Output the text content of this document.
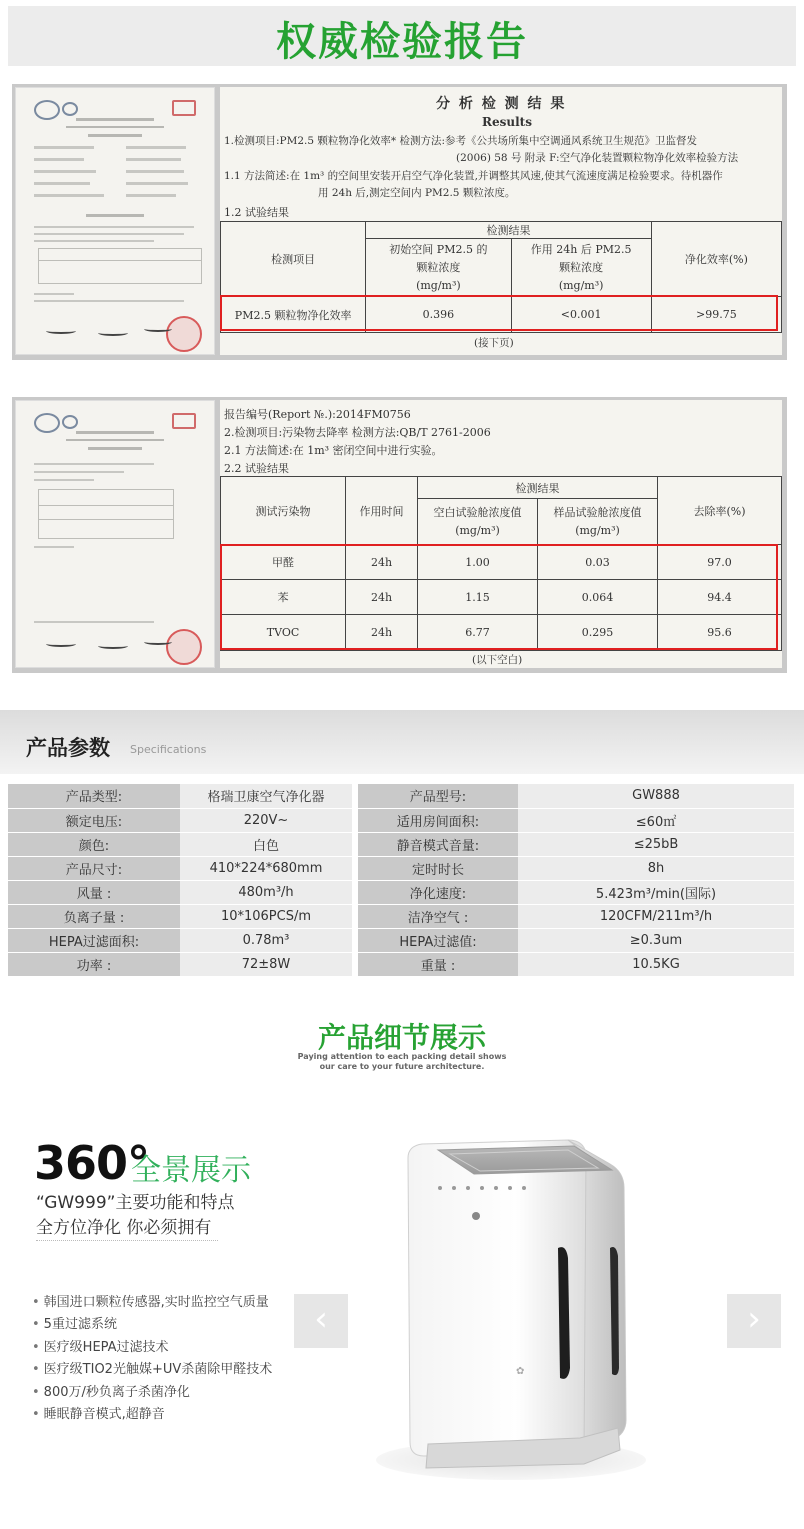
权威检验报告
分 析 检 测 结 果
Results
1.检测项目:PM2.5 颗粒物净化效率* 检测方法:参考《公共场所集中空调通风系统卫生规范》卫监督发
(2006) 58 号 附录 F:空气净化装置颗粒物净化效率检验方法
1.1 方法简述:在 1m³ 的空间里安装开启空气净化装置,并调整其风速,使其气流速度满足检验要求。待机器作
用 24h 后,测定空间内 PM2.5 颗粒浓度。
1.2 试验结果
检测项目	检测结果		净化效率(%)
	初始空间 PM2.5 的
颗粒浓度
(mg/m³)	作用 24h 后 PM2.5
颗粒浓度
(mg/m³)	
PM2.5 颗粒物净化效率	0.396	<0.001	>99.75
(接下页)
报告编号(Report №.):2014FM0756
2.检测项目:污染物去降率 检测方法:QB/T 2761-2006
2.1 方法简述:在 1m³ 密闭空间中进行实验。
2.2 试验结果
测试污染物	作用时间	检测结果		去除率(%)
		空白试验舱浓度值
(mg/m³)	样品试验舱浓度值
(mg/m³)	
甲醛	24h	1.00	0.03	97.0
苯	24h	1.15	0.064	94.4
TVOC	24h	6.77	0.295	95.6
(以下空白)
产品参数 Specifications
产品类型:	格瑞卫康空气净化器		产品型号:	GW888
额定电压:	220V~		适用房间面积:	≤60㎡
颜色:	白色		静音模式音量:	≤25bB
产品尺寸:	410*224*680mm		定时时长	8h
风量 :	480m³/h		净化速度:	5.423m³/min(国际)
负离子量 :	10*106PCS/m		洁净空气 :	120CFM/211m³/h
HEPA过滤面积:	0.78m³		HEPA过滤值:	≥0.3um
功率 :	72±8W		重量 :	10.5KG
产品细节展示
Paying attention to each packing detail shows
our care to your future architecture.
360°
全景展示
“GW999”主要功能和特点
全方位净化 你必须拥有
• 韩国进口颗粒传感器,实时监控空气质量
• 5重过滤系统
• 医疗级HEPA过滤技术
• 医疗级TIO2光触媒+UV杀菌除甲醛技术
• 800万/秒负离子杀菌净化
• 睡眠静音模式,超静音
‹	›
✿
